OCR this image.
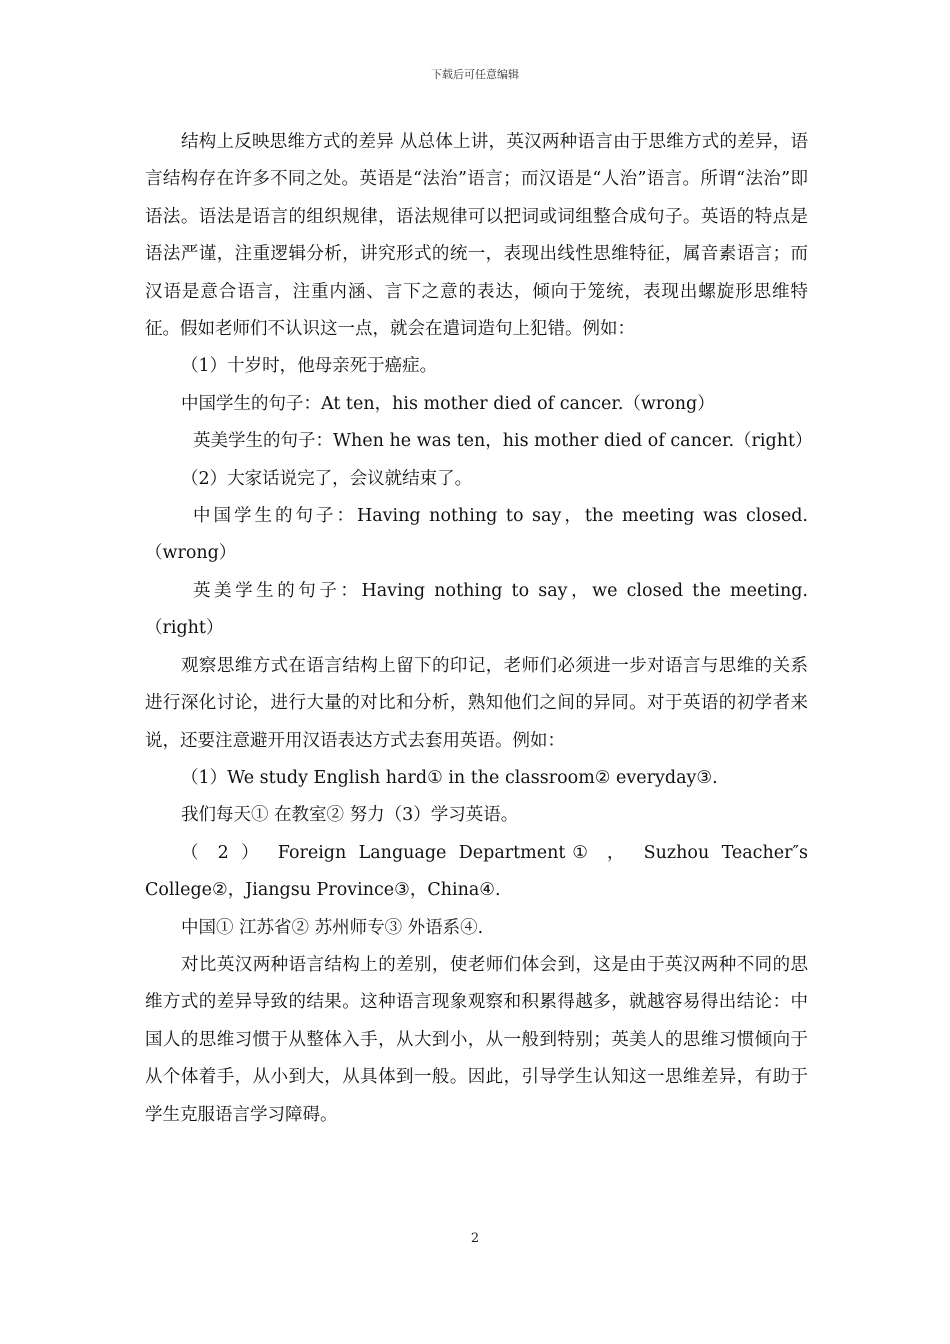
下载后可任意编辑

结构上反映思维方式的差异 从总体上讲，英汉两种语言由于思维方式的差异，语言结构存在许多不同之处。英语是“法治”语言；而汉语是“人治”语言。所谓“法治”即语法。语法是语言的组织规律，语法规律可以把词或词组整合成句子。英语的特点是语法严谨，注重逻辑分析，讲究形式的统一，表现出线性思维特征，属音素语言；而汉语是意合语言，注重内涵、言下之意的表达，倾向于笼统，表现出螺旋形思维特征。假如老师们不认识这一点，就会在遣词造句上犯错。例如：

（1）十岁时，他母亲死于癌症。

中国学生的句子：At ten，his mother died of cancer.（wrong）

英美学生的句子：When he was ten，his mother died of cancer.（right）

（2）大家话说完了，会议就结束了。

中国学生的句子：Having nothing to say，the meeting was closed.（wrong）

英美学生的句子：Having nothing to say，we closed the meeting.（right）

观察思维方式在语言结构上留下的印记，老师们必须进一步对语言与思维的关系进行深化讨论，进行大量的对比和分析，熟知他们之间的异同。对于英语的初学者来说，还要注意避开用汉语表达方式去套用英语。例如：

（1）We study English hard① in the classroom② everyday③.

我们每天① 在教室② 努力（3）学习英语。

（ 2 ） Foreign Language Department① ， Suzhou Teacher″s College②，Jiangsu Province③，China④.

中国① 江苏省② 苏州师专③ 外语系④.

对比英汉两种语言结构上的差别，使老师们体会到，这是由于英汉两种不同的思维方式的差异导致的结果。这种语言现象观察和积累得越多，就越容易得出结论：中国人的思维习惯于从整体入手，从大到小，从一般到特别；英美人的思维习惯倾向于从个体着手，从小到大，从具体到一般。因此，引导学生认知这一思维差异，有助于学生克服语言学习障碍。

2
